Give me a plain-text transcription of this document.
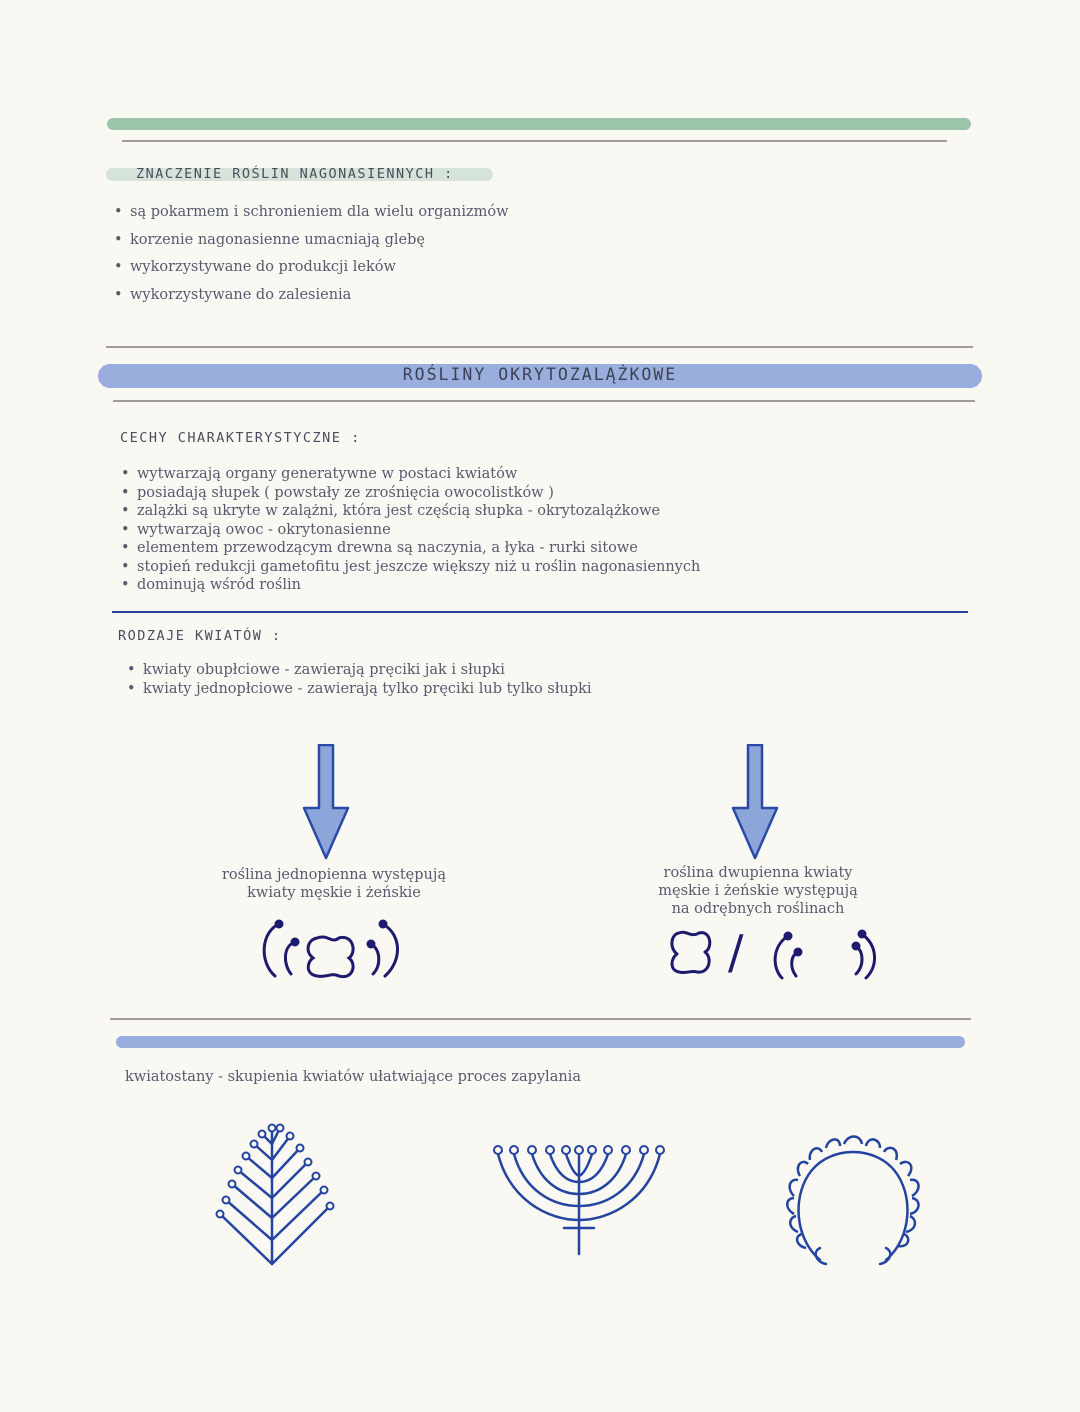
ZNACZENIE ROŚLIN NAGONASIENNYCH :
• są pokarmem i schronieniem dla wielu organizmów
• korzenie nagonasienne umacniają glebę
• wykorzystywane do produkcji leków
• wykorzystywane do zalesienia
ROŚLINY OKRYTOZALĄŻKOWE
CECHY CHARAKTERYSTYCZNE :
• wytwarzają organy generatywne w postaci kwiatów
• posiadają słupek ( powstały ze zrośnięcia owocolistków )
• zalążki są ukryte w zalążni, która jest częścią słupka - okrytozalążkowe
• wytwarzają owoc - okrytonasienne
• elementem przewodzącym drewna są naczynia, a łyka - rurki sitowe
• stopień redukcji gametofitu jest jeszcze większy niż u roślin nagonasiennych
• dominują wśród roślin
RODZAJE KWIATÓW :
• kwiaty obupłciowe - zawierają pręciki jak i słupki
• kwiaty jednopłciowe - zawierają tylko pręciki lub tylko słupki
roślina jednopienna występują
kwiaty męskie i żeńskie
roślina dwupienna kwiaty
męskie i żeńskie występują
na odrębnych roślinach
/
kwiatostany - skupienia kwiatów ułatwiające proces zapylania
